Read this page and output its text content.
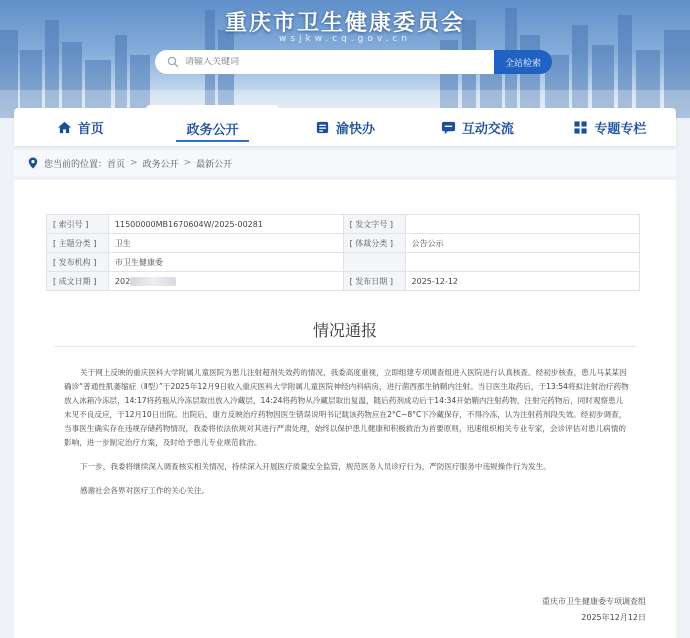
重庆市卫生健康委员会
wsjkw.cq.gov.cn
请输入关键词
全站检索
首页	政务公开	渝快办	互动交流	专题专栏
您当前的位置： 首页 > 政务公开 > 最新公开
[ 索引号 ]	11500000MB1670604W/2025-00281	[ 发文字号 ]	
[ 主题分类 ]	卫生	[ 体裁分类 ]	公告公示
[ 发布机构 ]	市卫生健康委		
[ 成文日期 ]	202	[ 发布日期 ]	2025-12-12
情况通报

关于网上反映的重庆医科大学附属儿童医院为患儿注射超剂失效药的情况，我委高度重视，立即组建专项调查组进入医院进行认真核查。经初步核查，患儿马某某因确诊“普通性肌萎缩症（Ⅱ型）”于2025年12月9日收入重庆医科大学附属儿童医院神经内科病房，进行菌西那生钠鞘内注射。当日医生取药后，于13:54将拟注射治疗药物放入冰箱冷冻层，14:17将药瓶从冷冻层取出放入冷藏层，14:24将药物从冷藏层取出复温，随后药剂成功后于14:34开始鞘内注射药物，注射完药物后，同时观察患儿未见不良反应，于12月10日出院。出院后，康方反映治疗药物因医生错误说明书记载该药物应在2°C~8°C下冷藏保存，不得冷冻，认为注射药剂段失效。经初步调查，当事医生确实存在违规存储药物情况，我委将依法依规对其进行严肃处理，始终以保护患儿健康和积极救治为首要原则，迅速组织相关专业专家，会诊评估对患儿病情的影响，进一步制定治疗方案，及时给予患儿专业规范救治。

下一步，我委将继续深入调查核实相关情况，持续深入开展医疗质量安全监管，规范医务人员诊疗行为，严防医疗服务中违规操作行为发生。

感谢社会各界对医疗工作的关心关注。

重庆市卫生健康委专项调查组
2025年12月12日
